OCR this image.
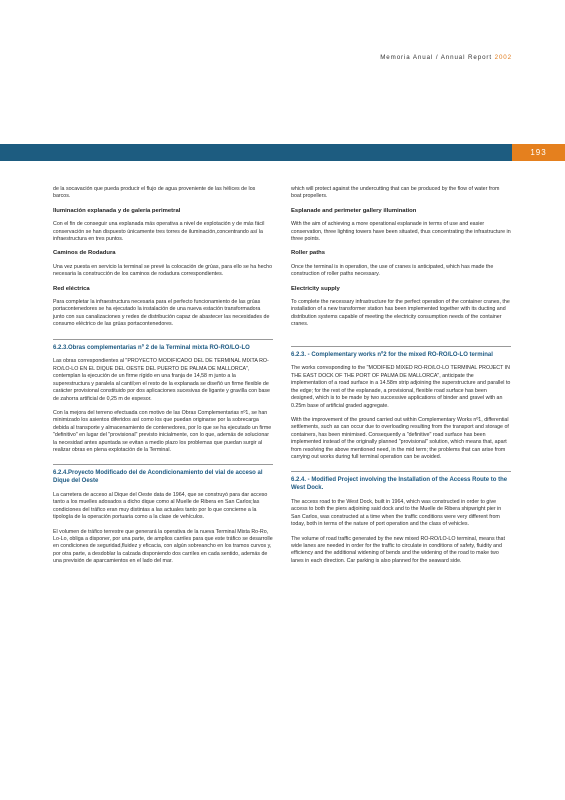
Memoria Anual / Annual Report 2002
193

de la socavación que pueda producir el flujo de agua proveniente de las hélices de los barcos.

Iluminación explanada y de galería perimetral

Con el fin de conseguir una explanada más operativa a nivel de explotación y de más fácil conservación se han dispuesto únicamente tres torres de iluminación,concentrando así la infraestructura en tres puntos.

Caminos de Rodadura

Una vez puesta en servicio la terminal se prevé la colocación de grúas, para ello se ha hecho necesaria la construcción de los caminos de rodadura correspondientes.

Red eléctrica

Para completar la infraestructura necesaria para el perfecto funcionamiento de las grúas portacontenedores se ha ejecutado la instalación de una nueva estación transformadora junto con sus canalizaciones y redes de distribución capaz de abastecer las necesidades de consumo eléctrico de las grúas portacontenedores.

6.2.3.Obras complementarias nº 2 de la Terminal mixta RO-RO/LO-LO

Las obras correspondientes al "PROYECTO MODIFICADO DEL DE TERMINAL MIXTA RO-RO/LO-LO EN EL DIQUE DEL OESTE DEL PUERTO DE PALMA DE MALLORCA", contemplan la ejecución de un firme rígido en una franja de 14,58 m junto a la superestructura y paralela al cantil;en el resto de la explanada se diseñó un firme flexible de carácter provisional constituido por dos aplicaciones sucesivas de ligante y gravilla con base de zahorra artificial de 0,25 m de espesor.

Con la mejora del terreno efectuada con motivo de las Obras Complementarias nº1, se han minimizado los asientos diferidos así como los que puedan originarse por la sobrecarga debida al transporte y almacenamiento de contenedores, por lo que se ha ejecutado un firme "definitivo" en lugar del "provisional" previsto inicialmente, con lo que, además de solucionar la necesidad antes apuntada se evitan a medio plazo los problemas que puedan surgir al realizar obras en plena explotación de la Terminal.

6.2.4.Proyecto Modificado del de Acondicionamiento del vial de acceso al Dique del Oeste

La carretera de acceso al Dique del Oeste data de 1964, que se construyó para dar acceso tanto a los muelles adosados a dicho dique como al Muelle de Ribera en San Carlos;las condiciones del tráfico eran muy distintas a las actuales tanto por lo que concierne a la tipología de la operación portuaria como a la clase de vehículos.

El volumen de tráfico terrestre que generará la operativa de la nueva Terminal Mixta Ro-Ro, Lo-Lo, obliga a disponer, por una parte, de amplios carriles para que este tráfico se desarrolle en condiciones de seguridad,fluidez y eficacia, con algún sobreancho en los tramos curvos y, por otra parte, a desdoblar la calzada disponiendo dos carriles en cada sentido, además de una previsión de aparcamientos en el lado del mar.

which will protect against the undercutting that can be produced by the flow of water from boat propellers.

Esplanade and perimeter gallery illumination

With the aim of achieving a more operational esplanade in terms of use and easier conservation, three lighting towers have been situated, thus concentrating the infrastructure in three points.

Roller paths

Once the terminal is in operation, the use of cranes is anticipated, which has made the construction of roller paths necessary.

Electricity supply

To complete the necessary infrastructure for the perfect operation of the container cranes, the installation of a new transformer station has been implemented together with its ducting and distribution systems capable of meeting the electricity consumption needs of the container cranes.

6.2.3. - Complementary works nº2 for the mixed RO-RO/LO-LO terminal

The works corresponding to the "MODIFIED MIXED RO-RO/LO-LO TERMINAL PROJECT IN THE EAST DOCK OF THE PORT OF PALMA DE MALLORCA", anticipate the implementation of a road surface in a 14.58m strip adjoining the superstructure and parallel to the edge; for the rest of the esplanade, a provisional, flexible road surface has been designed, which is to be made by two successive applications of binder and gravel with an 0.25m base of artificial graded aggregate.

With the improvement of the ground carried out within Complementary Works nº1, differential settlements, such as can occur due to overloading resulting from the transport and storage of containers, has been minimised. Consequently a "definitive" road surface has been implemented instead of the originally planned "provisional" solution, which means that, apart from resolving the above mentioned need, in the mid term; the problems that can arise from carrying out works during full terminal operation can be avoided.

6.2.4. - Modified Project involving the Installation of the Access Route to the West Dock.

The access road to the West Dock, built in 1964, which was constructed in order to give access to both the piers adjoining said dock and to the Muelle de Ribera shipwright pier in San Carlos, was constructed at a time when the traffic conditions were very different from today, both in terms of the nature of port operation and the class of vehicles.

The volume of road traffic generated by the new mixed RO-RO/LO-LO terminal, means that wide lanes are needed in order for the traffic to circulate in conditions of safety, fluidity and efficiency and the additional widening of bends and the widening of the road to make two lanes in each direction. Car parking is also planned for the seaward side.
